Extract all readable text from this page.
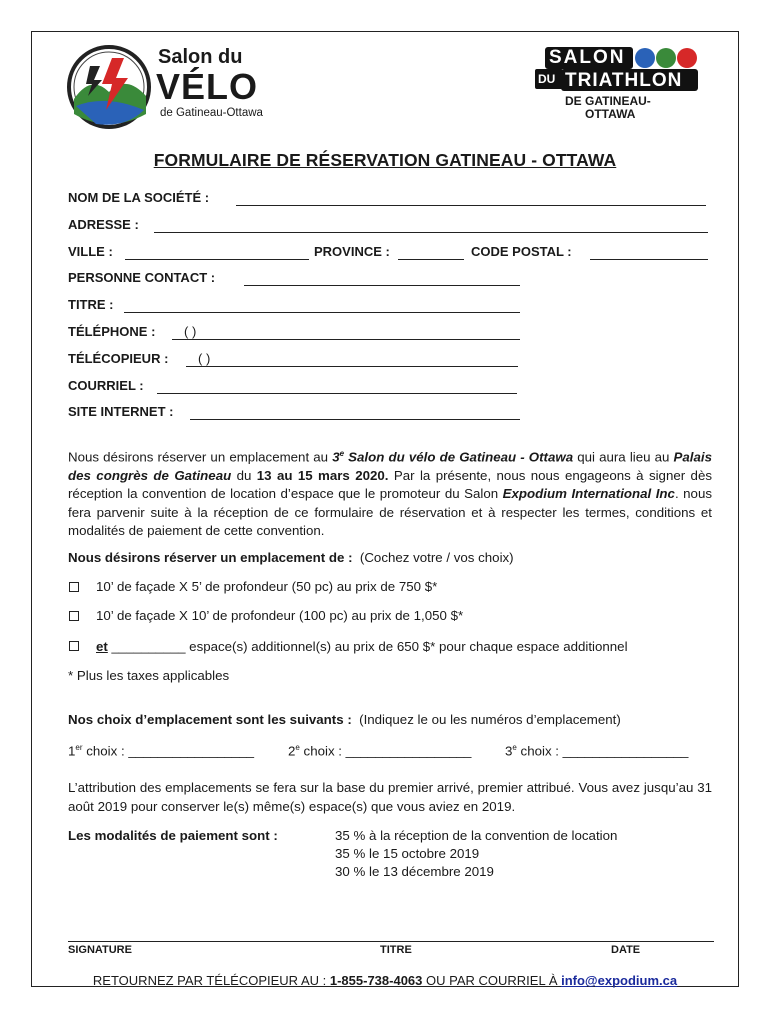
Salon du
VÉLO
de Gatineau-Ottawa
SALON
DU TRIATHLON
DE GATINEAU-
OTTAWA
FORMULAIRE DE RÉSERVATION GATINEAU - OTTAWA
NOM DE LA SOCIÉTÉ :
ADRESSE :
VILLE :	PROVINCE :	CODE POSTAL :
PERSONNE CONTACT :
TITRE :
TÉLÉPHONE : ( )
TÉLÉCOPIEUR : ( )
COURRIEL :
SITE INTERNET :
Nous désirons réserver un emplacement au 3e Salon du vélo de Gatineau - Ottawa qui aura lieu au Palais des congrès de Gatineau du 13 au 15 mars 2020. Par la présente, nous nous engageons à signer dès réception la convention de location d’espace que le promoteur du Salon Expodium International Inc. nous fera parvenir suite à la réception de ce formulaire de réservation et à respecter les termes, conditions et modalités de paiement de cette convention.
Nous désirons réserver un emplacement de : (Cochez votre / vos choix)
10’ de façade X 5’ de profondeur (50 pc) au prix de 750 $*
10’ de façade X 10’ de profondeur (100 pc) au prix de 1,050 $*
et __________ espace(s) additionnel(s) au prix de 650 $* pour chaque espace additionnel
* Plus les taxes applicables
Nos choix d’emplacement sont les suivants : (Indiquez le ou les numéros d’emplacement)
1er choix : _________________	2e choix : _________________	3e choix : _________________
L’attribution des emplacements se fera sur la base du premier arrivé, premier attribué. Vous avez jusqu’au 31 août 2019 pour conserver le(s) même(s) espace(s) que vous aviez en 2019.
Les modalités de paiement sont :	35 % à la réception de la convention de location
35 % le 15 octobre 2019
30 % le 13 décembre 2019
SIGNATURE	TITRE	DATE
RETOURNEZ PAR TÉLÉCOPIEUR AU : 1-855-738-4063 OU PAR COURRIEL À info@expodium.ca
